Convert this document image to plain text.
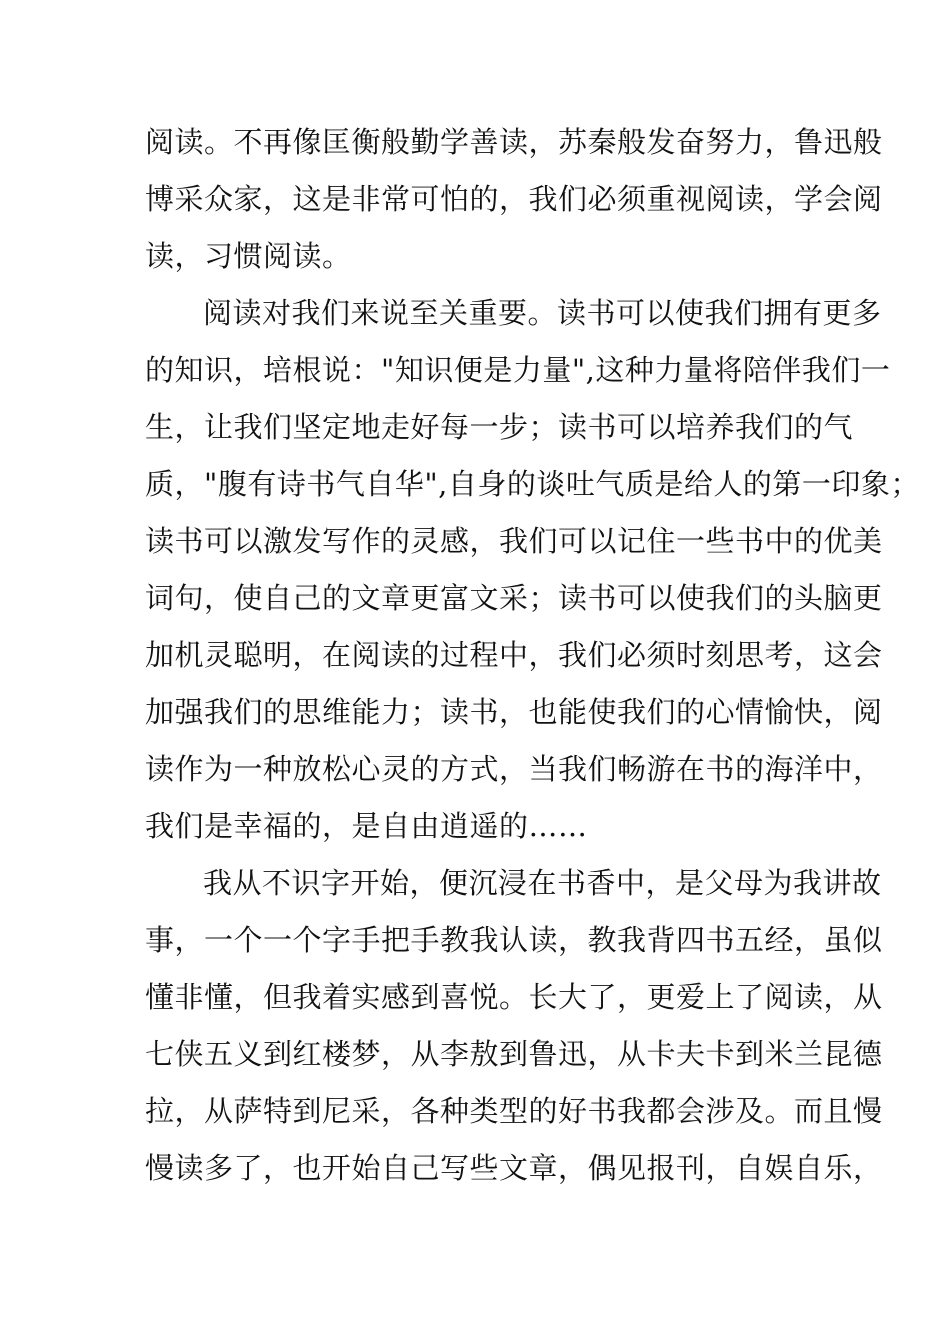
阅读。不再像匡衡般勤学善读，苏秦般发奋努力，鲁迅般
博采众家，这是非常可怕的，我们必须重视阅读，学会阅
读，习惯阅读。
阅读对我们来说至关重要。读书可以使我们拥有更多
的知识，培根说："知识便是力量",这种力量将陪伴我们一
生，让我们坚定地走好每一步；读书可以培养我们的气
质，"腹有诗书气自华",自身的谈吐气质是给人的第一印象；
读书可以激发写作的灵感，我们可以记住一些书中的优美
词句，使自己的文章更富文采；读书可以使我们的头脑更
加机灵聪明，在阅读的过程中，我们必须时刻思考，这会
加强我们的思维能力；读书，也能使我们的心情愉快，阅
读作为一种放松心灵的方式，当我们畅游在书的海洋中，
我们是幸福的，是自由逍遥的……
我从不识字开始，便沉浸在书香中，是父母为我讲故
事，一个一个字手把手教我认读，教我背四书五经，虽似
懂非懂，但我着实感到喜悦。长大了，更爱上了阅读，从
七侠五义到红楼梦，从李敖到鲁迅，从卡夫卡到米兰昆德
拉，从萨特到尼采，各种类型的好书我都会涉及。而且慢
慢读多了，也开始自己写些文章，偶见报刊，自娱自乐，
